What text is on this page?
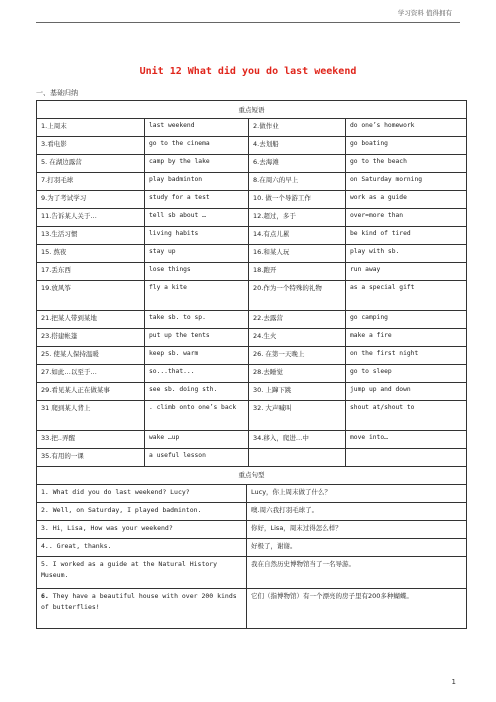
学习资料 值得拥有
Unit 12 What did you do last weekend
一、基础归纳
重点短语			
1.上周末	last weekend	2.做作业	do one’s homework
3.看电影	go to the cinema	4.去划船	go boating
5. 在湖边露营	camp by the lake	6.去海滩	go to the beach
7.打羽毛球	play badminton	8.在周六的早上	on Saturday morning
9.为了考试学习	study for a test	10. 做一个导游工作	work as a guide
11.告诉某人关于…	tell sb about …	12.超过，多于	over=more than
13.生活习惯	living habits	14.有点儿累	be kind of tired
15. 熬夜	stay up	16.和某人玩	play with sb.
17.丢东西	lose things	18.跑开	run away
19.放风筝	fly a kite	20.作为一个特殊的礼物	as a special gift
21.把某人带到某地	take sb. to sp.	22.去露营	go camping
23.搭建帐篷	put up the tents	24.生火	make a fire
25. 使某人保持温暖	keep sb. warm	26. 在第一天晚上	on the first night
27.如此…以至于…	so...that...	28.去睡觉	go to sleep
29.看见某人正在做某事	see sb. doing sth.	30. 上蹿下跳	jump up and down
31 爬到某人背上	. climb onto one’s back	32. 大声喊叫	shout at/shout to
33.把..弄醒	wake …up	34.移入，爬进…中	move into…
35.有用的一课	a useful lesson		
重点句型	
1. What did you do last weekend? Lucy?	Lucy，你上周末做了什么？
2. Well, on Saturday, I played badminton.	噢.周六我打羽毛球了。
3. Hi，Lisa, How was your weekend?	你好，Lisa，周末过得怎么样？
4.. Great, thanks.	好极了，谢谢。
5. I worked as a guide at the Natural History Museum.	我在自然历史博物馆当了一名导游。
6. They have a beautiful house with over 200 kinds of butterflies!	它们（指博物馆）有一个漂亮的房子里有200多种蝴蝶。
1
